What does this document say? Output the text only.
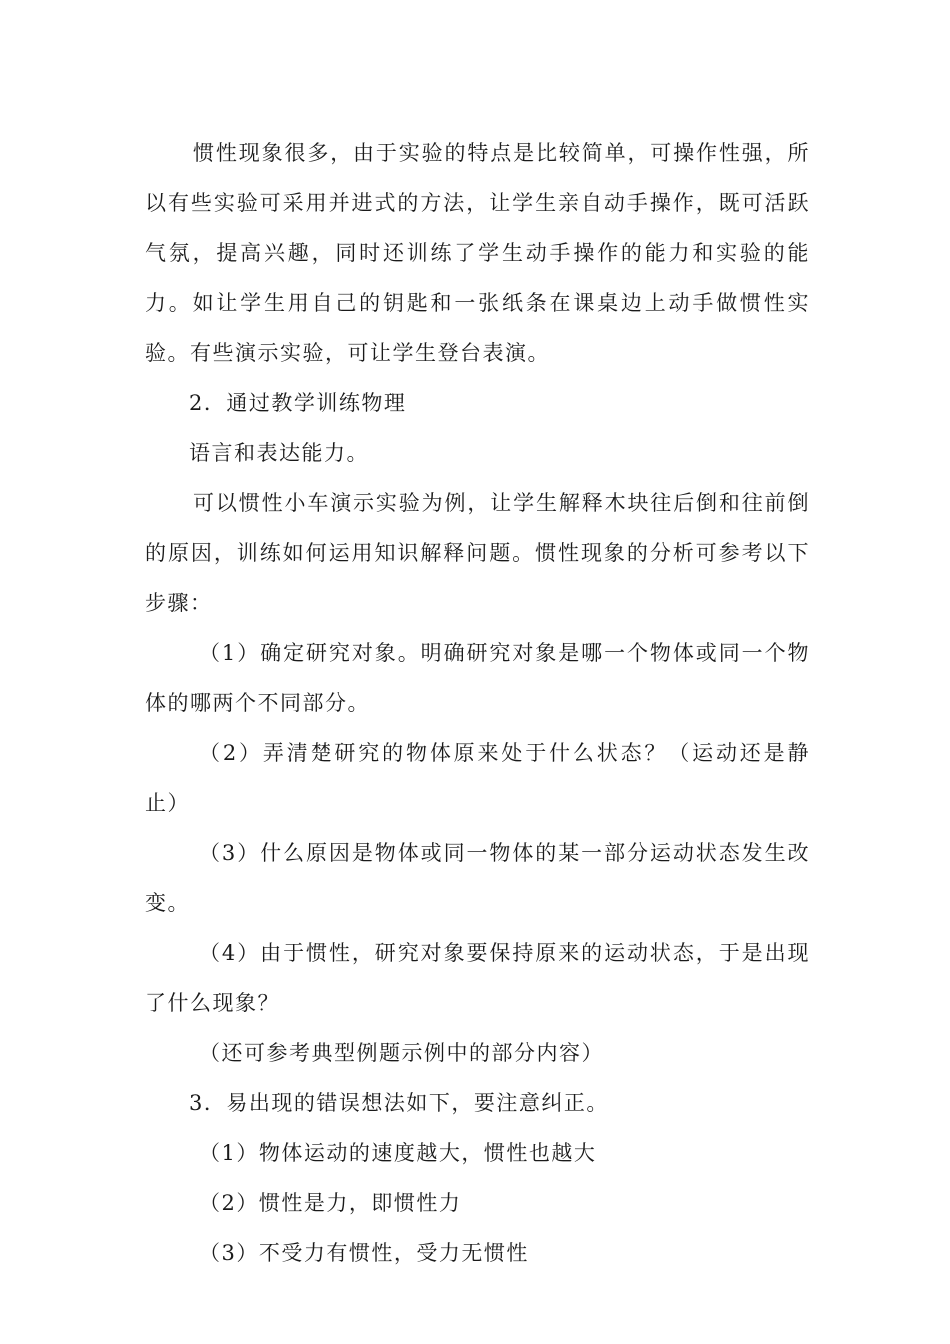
惯性现象很多，由于实验的特点是比较简单，可操作性强，所以有些实验可采用并进式的方法，让学生亲自动手操作，既可活跃气氛，提高兴趣，同时还训练了学生动手操作的能力和实验的能力。如让学生用自己的钥匙和一张纸条在课桌边上动手做惯性实验。有些演示实验，可让学生登台表演。

2．通过教学训练物理

语言和表达能力。

可以惯性小车演示实验为例，让学生解释木块往后倒和往前倒的原因，训练如何运用知识解释问题。惯性现象的分析可参考以下步骤：

（1）确定研究对象。明确研究对象是哪一个物体或同一个物体的哪两个不同部分。

（2）弄清楚研究的物体原来处于什么状态？（运动还是静止）

（3）什么原因是物体或同一物体的某一部分运动状态发生改变。

（4）由于惯性，研究对象要保持原来的运动状态，于是出现了什么现象？

（还可参考典型例题示例中的部分内容）

3．易出现的错误想法如下，要注意纠正。

（1）物体运动的速度越大，惯性也越大

（2）惯性是力，即惯性力

（3）不受力有惯性，受力无惯性
